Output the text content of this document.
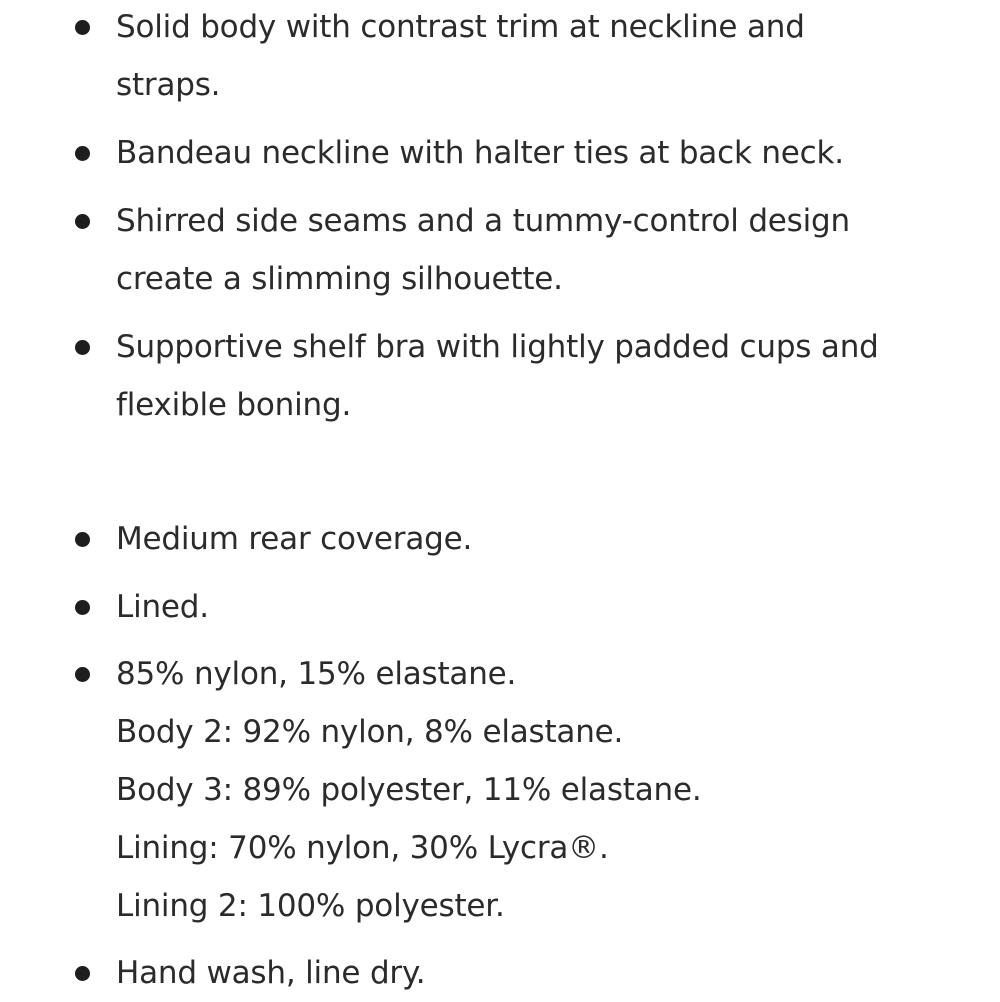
Solid body with contrast trim at neckline and
straps.
Bandeau neckline with halter ties at back neck.
Shirred side seams and a tummy-control design
create a slimming silhouette.
Supportive shelf bra with lightly padded cups and
flexible boning.
Medium rear coverage.
Lined.
85% nylon, 15% elastane.
Body 2: 92% nylon, 8% elastane.
Body 3: 89% polyester, 11% elastane.
Lining: 70% nylon, 30% Lycra®.
Lining 2: 100% polyester.
Hand wash, line dry.
